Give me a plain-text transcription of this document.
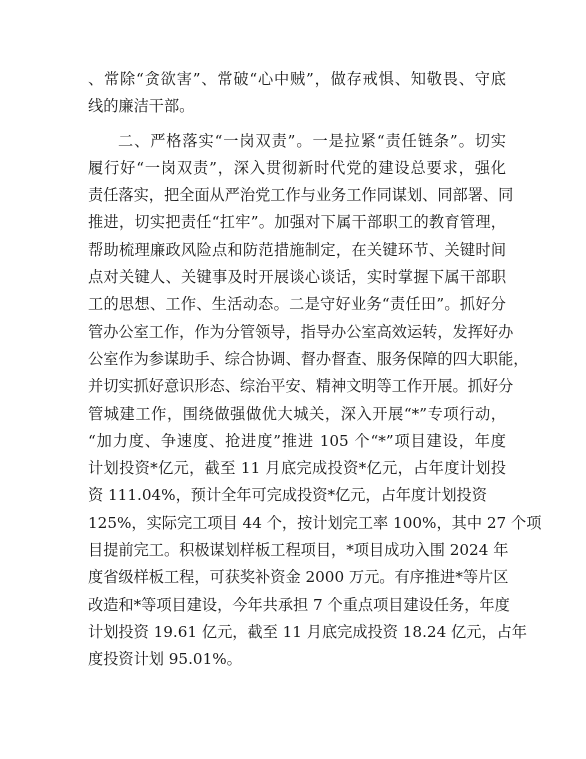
、常除“贪欲害”、常破“心中贼”，做存戒惧、知敬畏、守底
线的廉洁干部。
二、严格落实“一岗双责”。一是拉紧“责任链条”。切实
履行好“一岗双责”，深入贯彻新时代党的建设总要求，强化
责任落实，把全面从严治党工作与业务工作同谋划、同部署、同
推进，切实把责任“扛牢”。加强对下属干部职工的教育管理，
帮助梳理廉政风险点和防范措施制定，在关键环节、关键时间
点对关键人、关键事及时开展谈心谈话，实时掌握下属干部职
工的思想、工作、生活动态。二是守好业务“责任田”。抓好分
管办公室工作，作为分管领导，指导办公室高效运转，发挥好办
公室作为参谋助手、综合协调、督办督查、服务保障的四大职能，
并切实抓好意识形态、综治平安、精神文明等工作开展。抓好分
管城建工作，围绕做强做优大城关，深入开展“*”专项行动，
“加力度、争速度、抢进度”推进 105 个“*”项目建设，年度
计划投资*亿元，截至 11 月底完成投资*亿元，占年度计划投
资 111.04%，预计全年可完成投资*亿元，占年度计划投资
125%，实际完工项目 44 个，按计划完工率 100%，其中 27 个项
目提前完工。积极谋划样板工程项目，*项目成功入围 2024 年
度省级样板工程，可获奖补资金 2000 万元。有序推进*等片区
改造和*等项目建设，今年共承担 7 个重点项目建设任务，年度
计划投资 19.61 亿元，截至 11 月底完成投资 18.24 亿元，占年
度投资计划 95.01%。
